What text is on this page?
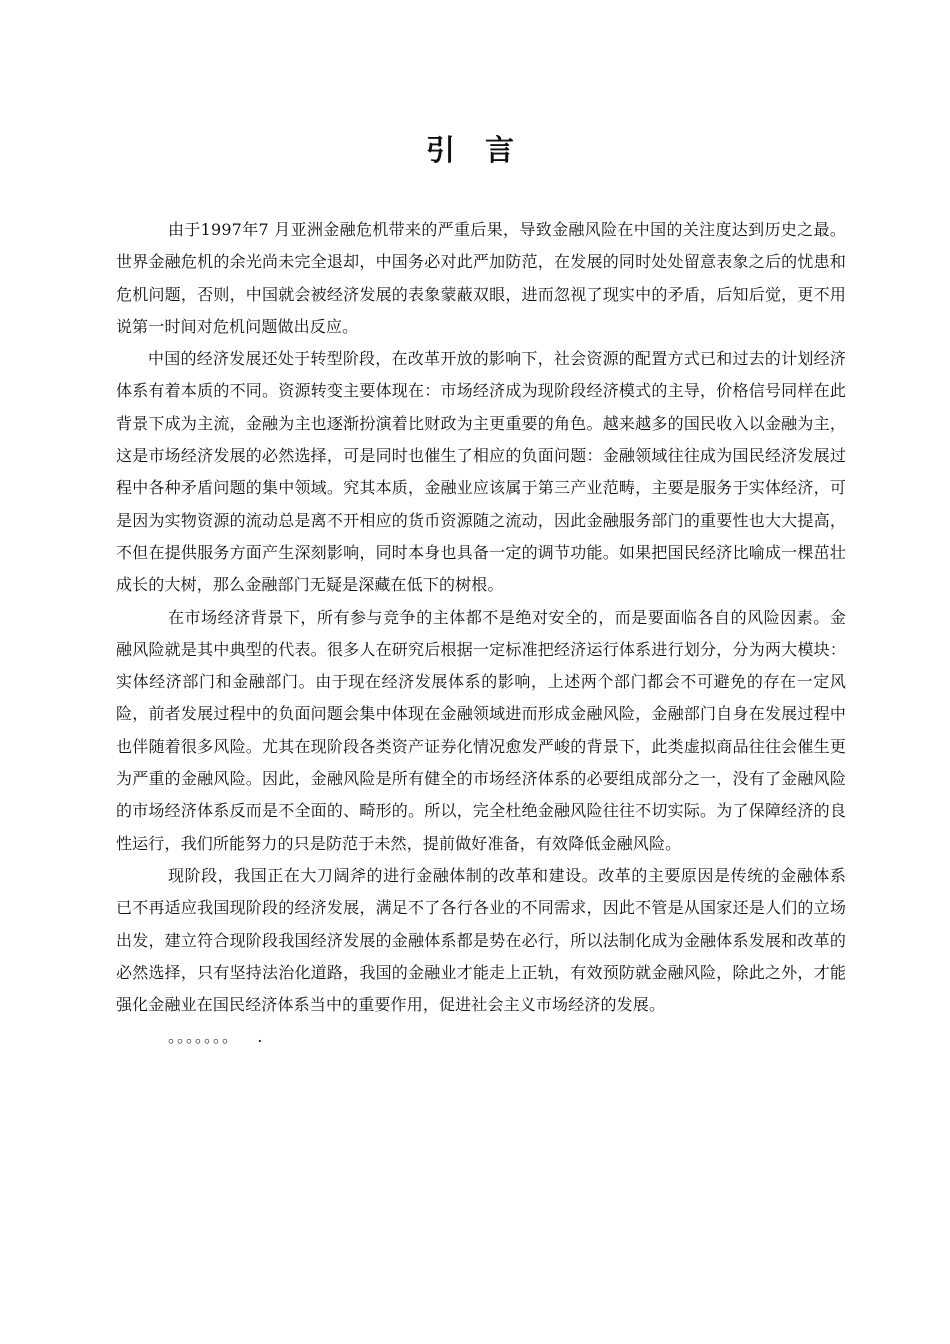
引 言

由于1997年7 月亚洲金融危机带来的严重后果，导致金融风险在中国的关注度达到历史之最。世界金融危机的余光尚未完全退却，中国务必对此严加防范，在发展的同时处处留意表象之后的忧患和危机问题，否则，中国就会被经济发展的表象蒙蔽双眼，进而忽视了现实中的矛盾，后知后觉，更不用说第一时间对危机问题做出反应。

中国的经济发展还处于转型阶段，在改革开放的影响下，社会资源的配置方式已和过去的计划经济体系有着本质的不同。资源转变主要体现在：市场经济成为现阶段经济模式的主导，价格信号同样在此背景下成为主流，金融为主也逐渐扮演着比财政为主更重要的角色。越来越多的国民收入以金融为主，这是市场经济发展的必然选择，可是同时也催生了相应的负面问题：金融领域往往成为国民经济发展过程中各种矛盾问题的集中领域。究其本质，金融业应该属于第三产业范畴，主要是服务于实体经济，可是因为实物资源的流动总是离不开相应的货币资源随之流动，因此金融服务部门的重要性也大大提高，不但在提供服务方面产生深刻影响，同时本身也具备一定的调节功能。如果把国民经济比喻成一棵茁壮成长的大树，那么金融部门无疑是深藏在低下的树根。

在市场经济背景下，所有参与竞争的主体都不是绝对安全的，而是要面临各自的风险因素。金融风险就是其中典型的代表。很多人在研究后根据一定标准把经济运行体系进行划分，分为两大模块：实体经济部门和金融部门。由于现在经济发展体系的影响，上述两个部门都会不可避免的存在一定风险，前者发展过程中的负面问题会集中体现在金融领域进而形成金融风险，金融部门自身在发展过程中也伴随着很多风险。尤其在现阶段各类资产证券化情况愈发严峻的背景下，此类虚拟商品往往会催生更为严重的金融风险。因此，金融风险是所有健全的市场经济体系的必要组成部分之一，没有了金融风险的市场经济体系反而是不全面的、畸形的。所以，完全杜绝金融风险往往不切实际。为了保障经济的良性运行，我们所能努力的只是防范于未然，提前做好准备，有效降低金融风险。

现阶段，我国正在大刀阔斧的进行金融体制的改革和建设。改革的主要原因是传统的金融体系已不再适应我国现阶段的经济发展，满足不了各行各业的不同需求，因此不管是从国家还是人们的立场出发，建立符合现阶段我国经济发展的金融体系都是势在必行，所以法制化成为金融体系发展和改革的必然选择，只有坚持法治化道路，我国的金融业才能走上正轨，有效预防就金融风险，除此之外，才能强化金融业在国民经济体系当中的重要作用，促进社会主义市场经济的发展。

。。。。。。。   .
